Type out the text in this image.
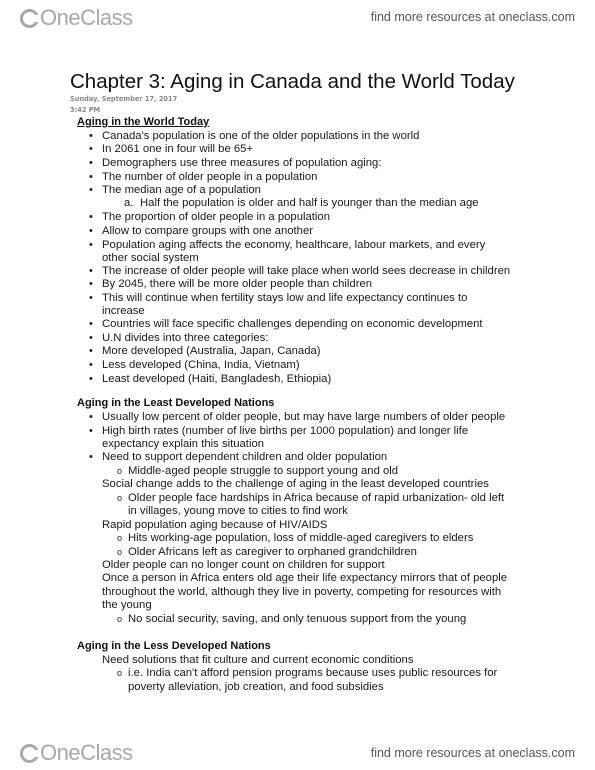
OneClass	find more resources at oneclass.com
Chapter 3: Aging in Canada and the World Today
Sunday, September 17, 2017
3:42 PM
Aging in the World Today
• Canada's population is one of the older populations in the world
• In 2061 one in four will be 65+
• Demographers use three measures of population aging:
• The number of older people in a population
• The median age of a population
a. Half the population is older and half is younger than the median age
• The proportion of older people in a population
• Allow to compare groups with one another
• Population aging affects the economy, healthcare, labour markets, and every
other social system
• The increase of older people will take place when world sees decrease in children
• By 2045, there will be more older people than children
• This will continue when fertility stays low and life expectancy continues to
increase
• Countries will face specific challenges depending on economic development
• U.N divides into three categories:
• More developed (Australia, Japan, Canada)
• Less developed (China, India, Vietnam)
• Least developed (Haiti, Bangladesh, Ethiopia)
Aging in the Least Developed Nations
• Usually low percent of older people, but may have large numbers of older people
• High birth rates (number of live births per 1000 population) and longer life
expectancy explain this situation
• Need to support dependent children and older population
o Middle-aged people struggle to support young and old
Social change adds to the challenge of aging in the least developed countries
o Older people face hardships in Africa because of rapid urbanization- old left
in villages, young move to cities to find work
Rapid population aging because of HIV/AIDS
o Hits working-age population, loss of middle-aged caregivers to elders
o Older Africans left as caregiver to orphaned grandchildren
Older people can no longer count on children for support
Once a person in Africa enters old age their life expectancy mirrors that of people
throughout the world, although they live in poverty, competing for resources with
the young
o No social security, saving, and only tenuous support from the young
Aging in the Less Developed Nations
Need solutions that fit culture and current economic conditions
o i.e. India can't afford pension programs because uses public resources for
poverty alleviation, job creation, and food subsidies
OneClass	find more resources at oneclass.com
